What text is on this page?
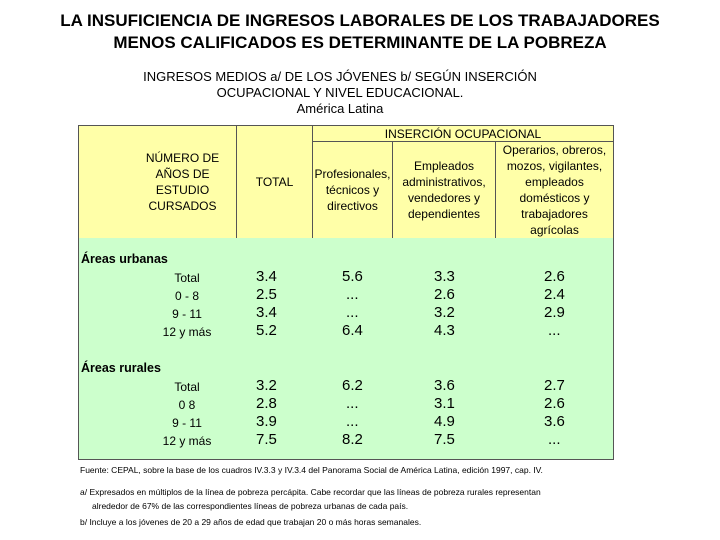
LA INSUFICIENCIA DE INGRESOS LABORALES DE LOS TRABAJADORES
MENOS CALIFICADOS ES DETERMINANTE DE LA POBREZA
INGRESOS MEDIOS a/ DE LOS JÓVENES b/ SEGÚN INSERCIÓN
OCUPACIONAL Y NIVEL EDUCACIONAL.
América Latina
NÚMERO DE AÑOS DE ESTUDIO CURSADOS
TOTAL
INSERCIÓN OCUPACIONAL
Profesionales, técnicos y directivos
Empleados administrativos, vendedores y dependientes
Operarios, obreros, mozos, vigilantes, empleados domésticos y trabajadores agrícolas
Áreas urbanas
Total	3.4	5.6	3.3	2.6
0 - 8	2.5	...	2.6	2.4
9 - 11	3.4	...	3.2	2.9
12 y más	5.2	6.4	4.3	...
Áreas rurales
Total	3.2	6.2	3.6	2.7
0 8	2.8	...	3.1	2.6
9 - 11	3.9	...	4.9	3.6
12 y más	7.5	8.2	7.5	...
Fuente: CEPAL, sobre la base de los cuadros IV.3.3 y IV.3.4 del Panorama Social de América Latina, edición 1997, cap. IV.
a/ Expresados en múltiplos de la línea de pobreza percápita. Cabe recordar que las líneas de pobreza rurales representan
alrededor de 67% de las correspondientes líneas de pobreza urbanas de cada país.
b/ Incluye a los jóvenes de 20 a 29 años de edad que trabajan 20 o más horas semanales.
